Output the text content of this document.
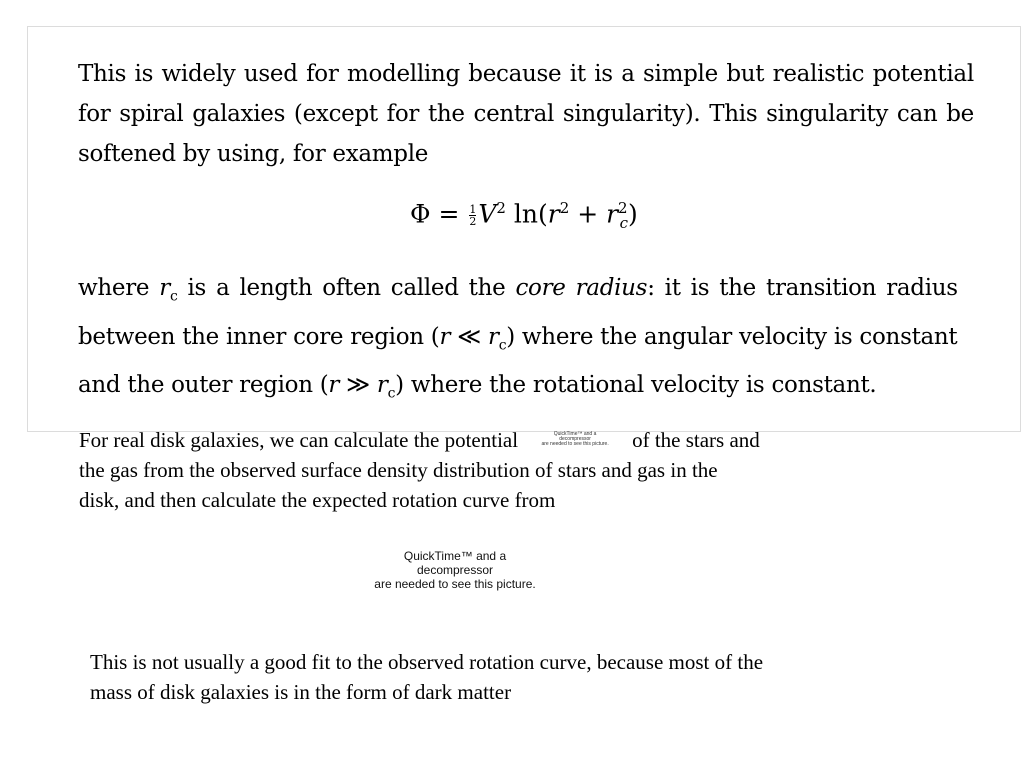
This is widely used for modelling because it is a simple but realistic potential
for spiral galaxies (except for the central singularity). This singularity can be
softened by using, for example
$\Phi = \frac{1}{2} V^2$ $\ln(r^2 + r^2_c)$
where $r_c$ is a length often called the core radius: it is the transition radius
between the inner core region (r ≪ $r_c$) where the angular velocity is constant
and the outer region (r ≫ $r_c$) where the rotational velocity is constant.
For real disk galaxies, we can calculate the potential	QuickTime™ and a
decompressor
are needed to see this picture.	of the stars and
the gas from the observed surface density distribution of stars and gas in the
disk, and then calculate the expected rotation curve from
QuickTime™ and a
decompressor
are needed to see this picture.
This is not usually a good fit to the observed rotation curve, because most of the
mass of disk galaxies is in the form of dark matter
